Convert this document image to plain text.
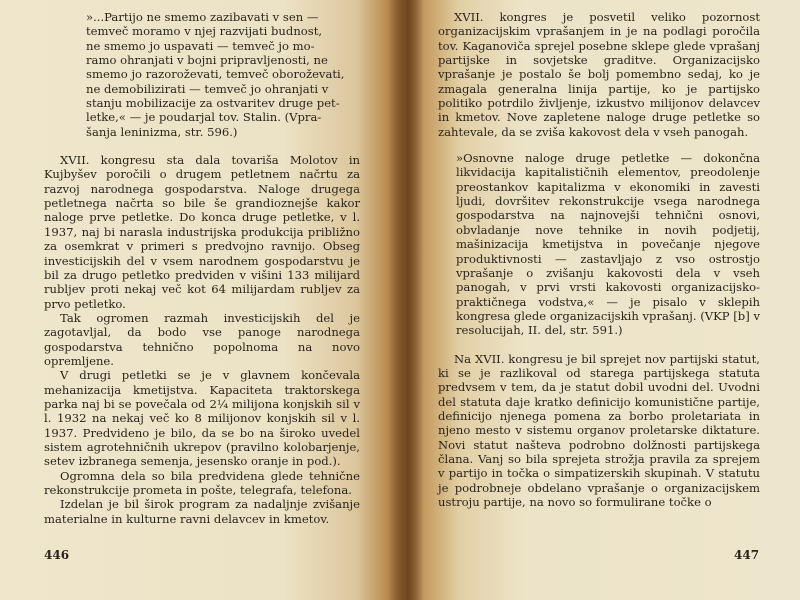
»...Partijo ne smemo zazibavati v sen —

temveč moramo v njej razvijati budnost,

ne smemo jo uspavati — temveč jo mo-

ramo ohranjati v bojni pripravljenosti, ne

smemo jo razoroževati, temveč oboroževati,

ne demobilizirati — temveč jo ohranjati v

stanju mobilizacije za ostvaritev druge pet-

letke,« — je poudarjal tov. Stalin. (Vpra-

šanja leninizma, str. 596.)

XVII. kongresu sta dala tovariša Molotov in Kujbyšev poročili o drugem petletnem načrtu za razvoj narodnega gospodarstva. Naloge drugega petletnega načrta so bile še grandioznejše kakor naloge prve petletke. Do konca druge petletke, v l. 1937, naj bi narasla industrijska produkcija približno za osemkrat v primeri s predvojno ravnijo. Obseg investicijskih del v vsem narodnem gospodarstvu je bil za drugo petletko predviden v višini 133 milijard rubljev proti nekaj več kot 64 milijardam rubljev za prvo petletko.

Tak ogromen razmah investicijskih del je zagotavljal, da bodo vse panoge narodnega gospodarstva tehnično popolnoma na novo opremljene.

V drugi petletki se je v glavnem končevala mehanizacija kmetijstva. Kapaciteta traktorskega parka naj bi se povečala od 2¼ milijona konjskih sil v l. 1932 na nekaj več ko 8 milijonov konjskih sil v l. 1937. Predvideno je bilo, da se bo na široko uvedel sistem agrotehničnih ukrepov (pravilno kolobarjenje, setev izbranega semenja, jesensko oranje in pod.).

Ogromna dela so bila predvidena glede tehnične rekonstrukcije prometa in pošte, telegrafa, telefona.

Izdelan je bil širok program za nadaljnje zvišanje materialne in kulturne ravni delavcev in kmetov.

446

XVII. kongres je posvetil veliko pozornost organizacijskim vprašanjem in je na podlagi poročila tov. Kaganoviča sprejel posebne sklepe glede vprašanj partijske in sovjetske graditve. Organizacijsko vprašanje je postalo še bolj pomembno sedaj, ko je zmagala generalna linija partije, ko je partijsko politiko potrdilo življenje, izkustvo milijonov delavcev in kmetov. Nove zapletene naloge druge petletke so zahtevale, da se zviša kakovost dela v vseh panogah.

»Osnovne naloge druge petletke — dokončna likvidacija kapitalističnih elementov, preodolenje preostankov kapitalizma v ekonomiki in zavesti ljudi, dovršitev rekonstrukcije vsega narodnega gospodarstva na najnovejši tehnični osnovi, obvladanje nove tehnike in novih podjetij, mašinizacija kmetijstva in povečanje njegove produktivnosti — zastavljajo z vso ostrostjo vprašanje o zvišanju kakovosti dela v vseh panogah, v prvi vrsti kakovosti organizacijsko-praktičnega vodstva,« — je pisalo v sklepih kongresa glede organizacijskih vprašanj. (VKP [b] v resolucijah, II. del, str. 591.)

Na XVII. kongresu je bil sprejet nov partijski statut, ki se je razlikoval od starega partijskega statuta predvsem v tem, da je statut dobil uvodni del. Uvodni del statuta daje kratko definicijo komunistične partije, definicijo njenega pomena za borbo proletariata in njeno mesto v sistemu organov proletarske diktature. Novi statut našteva podrobno dolžnosti partijskega člana. Vanj so bila sprejeta strožja pravila za sprejem v partijo in točka o simpatizerskih skupinah. V statutu je podrobneje obdelano vprašanje o organizacijskem ustroju partije, na novo so formulirane točke o

447
